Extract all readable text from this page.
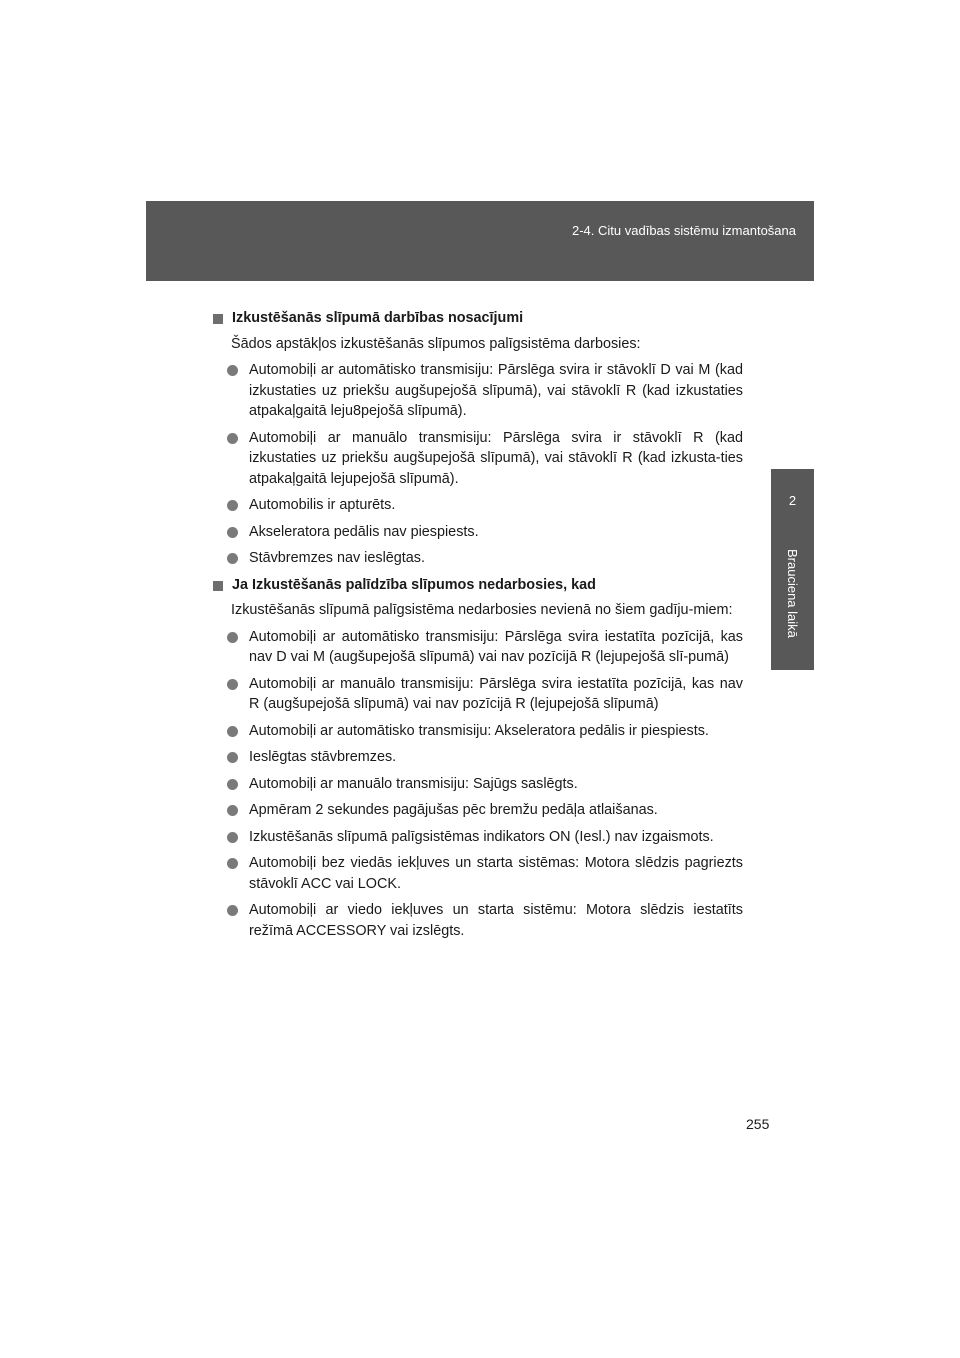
2-4. Citu vadības sistēmu izmantošana
2
Brauciena laikā
Izkustēšanās slīpumā darbības nosacījumi

Šādos apstākļos izkustēšanās slīpumos palīgsistēma darbosies:

Automobiļi ar automātisko transmisiju: Pārslēga svira ir stāvoklī D vai M (kad izkustaties uz priekšu augšupejošā slīpumā), vai stāvoklī R (kad izkustaties atpakaļgaitā leju8pejošā slīpumā).
Automobiļi ar manuālo transmisiju: Pārslēga svira ir stāvoklī R (kad izkustaties uz priekšu augšupejošā slīpumā), vai stāvoklī R (kad izkusta-ties atpakaļgaitā lejupejošā slīpumā).
Automobilis ir apturēts.
Akseleratora pedālis nav piespiests.
Stāvbremzes nav ieslēgtas.
Ja Izkustēšanās palīdzība slīpumos nedarbosies, kad

Izkustēšanās slīpumā palīgsistēma nedarbosies nevienā no šiem gadīju-miem:

Automobiļi ar automātisko transmisiju: Pārslēga svira iestatīta pozīcijā, kas nav D vai M (augšupejošā slīpumā) vai nav pozīcijā R (lejupejošā slī-pumā)
Automobiļi ar manuālo transmisiju: Pārslēga svira iestatīta pozīcijā, kas nav R (augšupejošā slīpumā) vai nav pozīcijā R (lejupejošā slīpumā)
Automobiļi ar automātisko transmisiju: Akseleratora pedālis ir piespiests.
Ieslēgtas stāvbremzes.
Automobiļi ar manuālo transmisiju: Sajūgs saslēgts.
Apmēram 2 sekundes pagājušas pēc bremžu pedāļa atlaišanas.
Izkustēšanās slīpumā palīgsistēmas indikators ON (Iesl.) nav izgaismots.
Automobiļi bez viedās iekļuves un starta sistēmas: Motora slēdzis pagriezts stāvoklī ACC vai LOCK.
Automobiļi ar viedo iekļuves un starta sistēmu: Motora slēdzis iestatīts režīmā ACCESSORY vai izslēgts.
255
